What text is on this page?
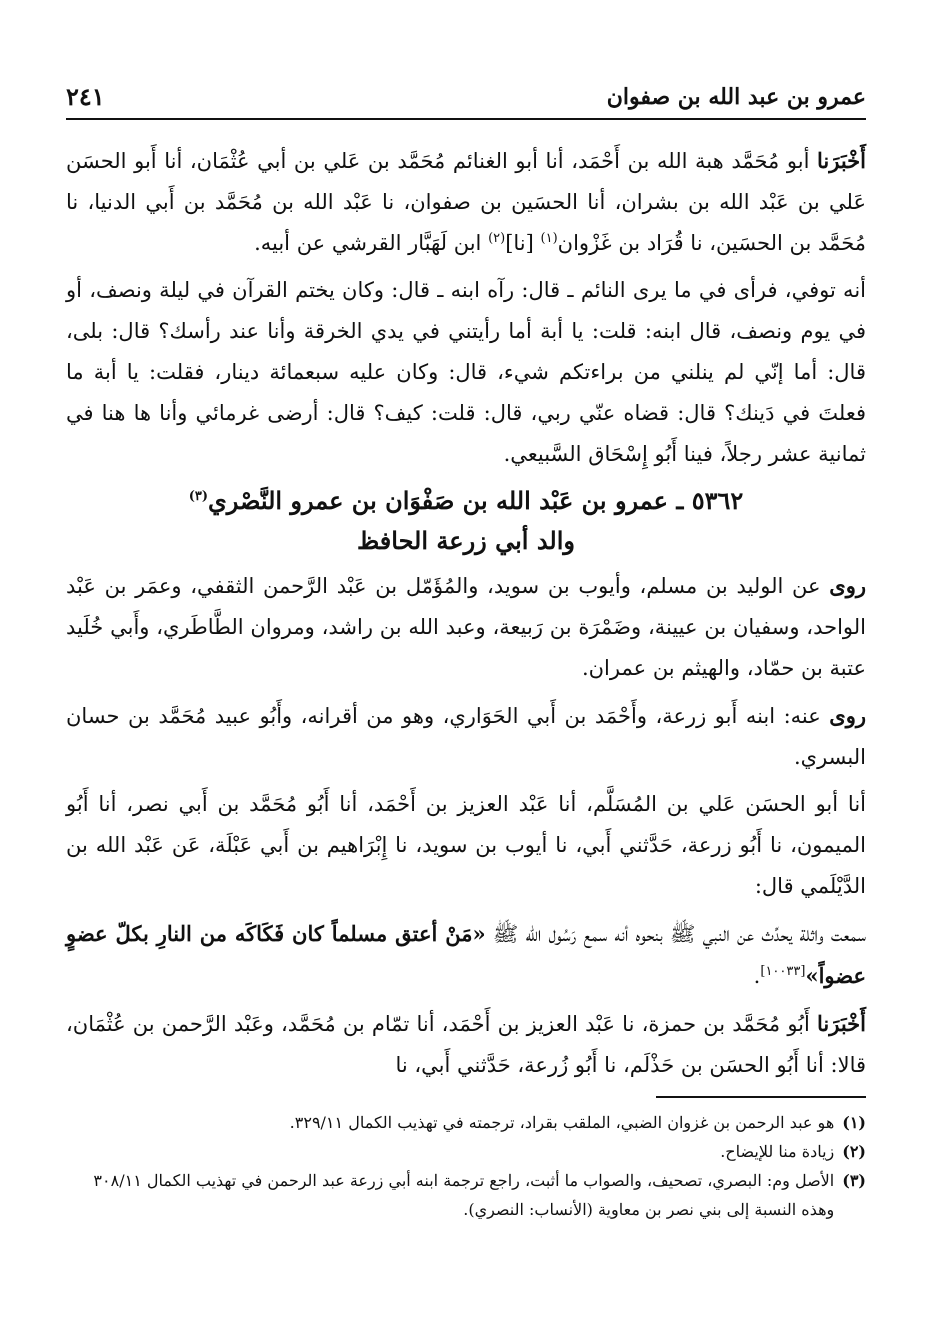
عمرو بن عبد الله بن صفوان
٢٤١

أَخْبَرَنا أبو مُحَمَّد هبة الله بن أَحْمَد، أنا أبو الغنائم مُحَمَّد بن عَلي بن أبي عُثْمَان، أنا أَبو الحسَن عَلي بن عَبْد الله بن بشران، أنا الحسَين بن صفوان، نا عَبْد الله بن مُحَمَّد بن أَبي الدنيا، نا مُحَمَّد بن الحسَين، نا قُرَاد بن غَزْوان$^{(١)}$ [نا]$^{(٢)}$ ابن لَهَبَّار القرشي عن أبيه.

أنه توفي، فرأى في ما يرى النائم ـ قال: رآه ابنه ـ قال: وكان يختم القرآن في ليلة ونصف، أو في يوم ونصف، قال ابنه: قلت: يا أبة أما رأيتني في يدي الخرقة وأنا عند رأسك؟ قال: بلى، قال: أما إنّي لم ينلني من براءتكم شيء، قال: وكان عليه سبعمائة دينار، فقلت: يا أبة ما فعلتَ في دَينك؟ قال: قضاه عنّي ربي، قال: قلت: كيف؟ قال: أرضى غرمائي وأنا ها هنا في ثمانية عشر رجلاً، فينا أَبُو إِسْحَاق السَّبيعي.

٥٣٦٢ ـ عمرو بن عَبْد الله بن صَفْوَان بن عمرو النَّصْري$^{(٣)}$
والد أبي زرعة الحافظ

روى عن الوليد بن مسلم، وأيوب بن سويد، والمُؤَمّل بن عَبْد الرَّحمن الثقفي، وعمَر بن عَبْد الواحد، وسفيان بن عيينة، وضَمْرَة بن رَبيعة، وعبد الله بن راشد، ومروان الطَّاطَري، وأَبي خُلَيد عتبة بن حمّاد، والهيثم بن عمران.

روى عنه: ابنه أَبو زرعة، وأَحْمَد بن أَبي الحَوَاري، وهو من أقرانه، وأَبُو عبيد مُحَمَّد بن حسان البسري.

أنا أبو الحسَن عَلي بن المُسَلَّم، أنا عَبْد العزيز بن أَحْمَد، أنا أَبُو مُحَمَّد بن أَبي نصر، أنا أَبُو الميمون، نا أَبُو زرعة، حَدَّثني أَبي، نا أيوب بن سويد، نا إِبْرَاهيم بن أَبي عَبْلَة، عَن عَبْد الله بن الدَّيْلَمي قال:

سمعت واثلة يحدِّث عن النبي ﷺ بنحوه أنه سمع رَسُول الله ﷺ «مَنْ أعتق مسلماً كان فَكَاكَه من النارِ بكلّ عضوٍ عضواً»[١٠٠٣٣].

أَخْبَرَنا أَبُو مُحَمَّد بن حمزة، نا عَبْد العزيز بن أَحْمَد، أنا تمّام بن مُحَمَّد، وعَبْد الرَّحمن بن عُثْمَان، قالا: أنا أَبُو الحسَن بن حَذْلَم، نا أَبُو زُرعة، حَدَّثني أَبي، نا

(١)
هو عبد الرحمن بن غزوان الضبي، الملقب بقراد، ترجمته في تهذيب الكمال ٣٢٩/١١.
(٢)
زيادة منا للإيضاح.
(٣)
الأصل وم: البصري، تصحيف، والصواب ما أثبت، راجع ترجمة ابنه أبي زرعة عبد الرحمن في تهذيب الكمال ٣٠٨/١١ وهذه النسبة إلى بني نصر بن معاوية (الأنساب: النصري).
